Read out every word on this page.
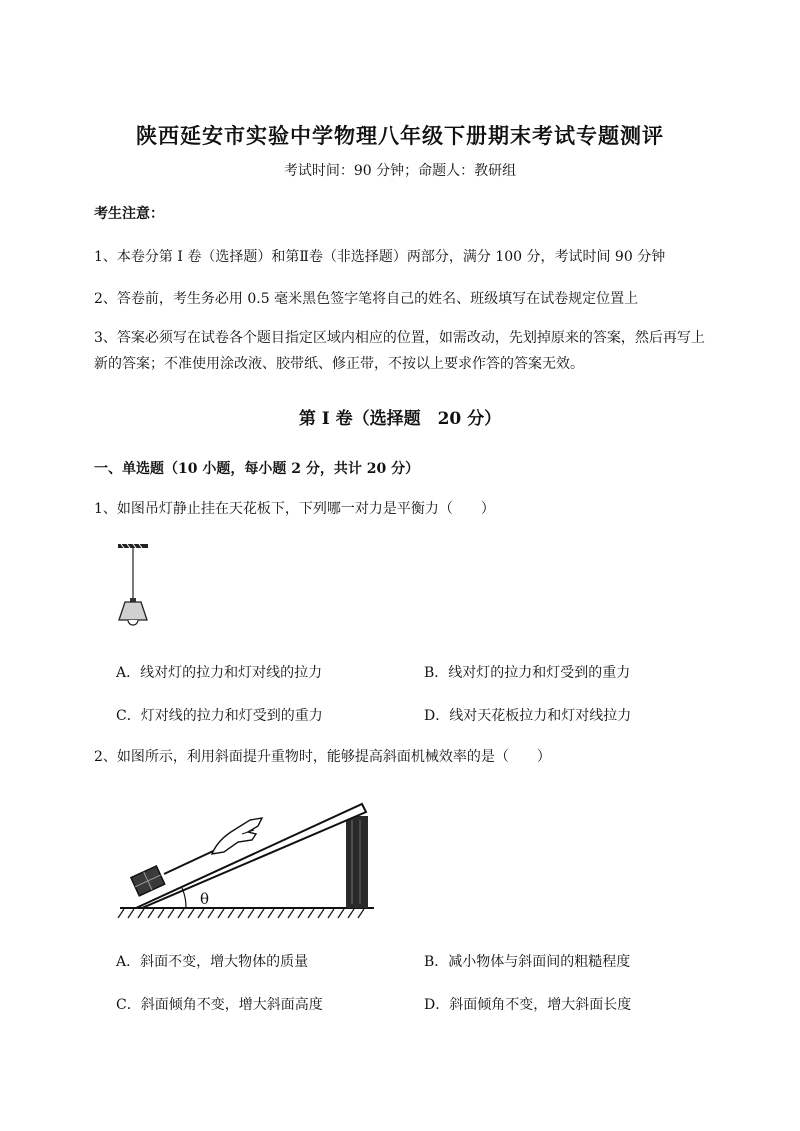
陕西延安市实验中学物理八年级下册期末考试专题测评
考试时间：90 分钟；命题人：教研组
考生注意：
1、本卷分第 I 卷（选择题）和第Ⅱ卷（非选择题）两部分，满分 100 分，考试时间 90 分钟
2、答卷前，考生务必用 0.5 毫米黑色签字笔将自己的姓名、班级填写在试卷规定位置上
3、答案必须写在试卷各个题目指定区域内相应的位置，如需改动，先划掉原来的答案，然后再写上新的答案；不准使用涂改液、胶带纸、修正带，不按以上要求作答的答案无效。
第 I 卷（选择题　20 分）
一、单选题（10 小题，每小题 2 分，共计 20 分）
1、如图吊灯静止挂在天花板下，下列哪一对力是平衡力（　　）
A．线对灯的拉力和灯对线的拉力	B．线对灯的拉力和灯受到的重力
C．灯对线的拉力和灯受到的重力	D．线对天花板拉力和灯对线拉力
2、如图所示，利用斜面提升重物时，能够提高斜面机械效率的是（　　）
θ
A．斜面不变，增大物体的质量	B．减小物体与斜面间的粗糙程度
C．斜面倾角不变，增大斜面高度	D．斜面倾角不变，增大斜面长度
